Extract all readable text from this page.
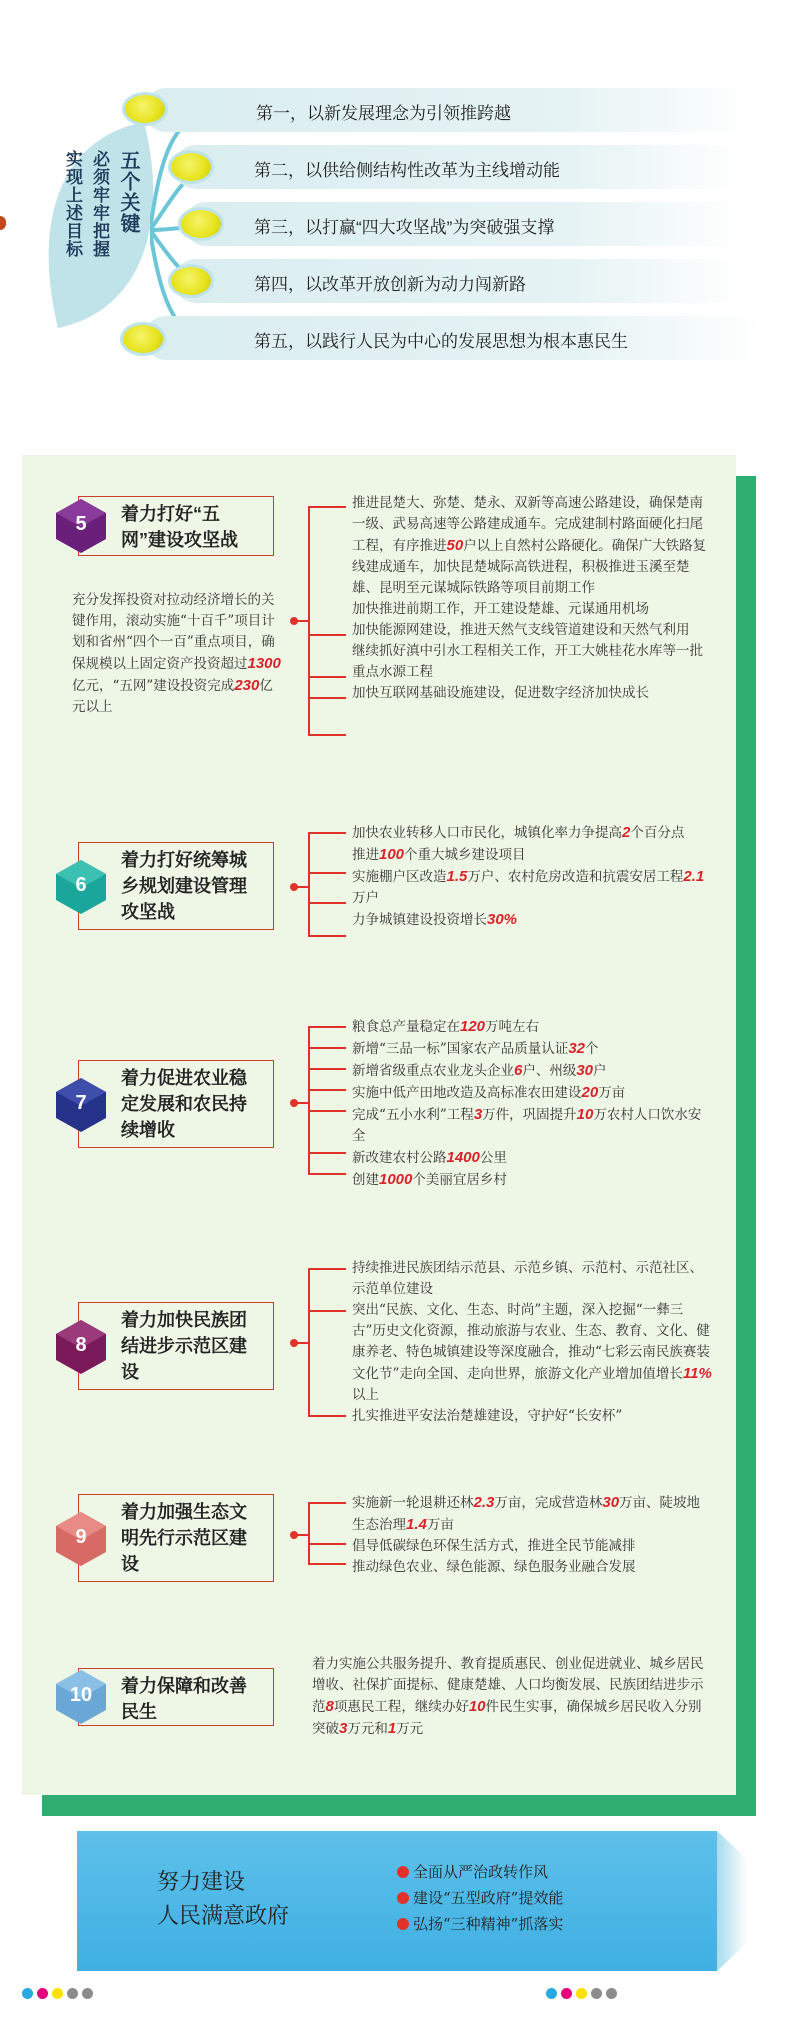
五个关键
必须牢牢把握
实现上述目标
第一，以新发展理念为引领推跨越
第二，以供给侧结构性改革为主线增动能
第三，以打赢“四大攻坚战”为突破强支撑
第四，以改革开放创新为动力闯新路
第五，以践行人民为中心的发展思想为根本惠民生
着力打好“五网”建设攻坚战
5
充分发挥投资对拉动经济增长的关键作用，滚动实施“十百千”项目计划和省州“四个一百”重点项目，确保规模以上固定资产投资超过1300亿元，“五网”建设投资完成230亿元以上

推进昆楚大、弥楚、楚永、双新等高速公路建设，确保楚南一级、武易高速等公路建成通车。完成建制村路面硬化扫尾工程，有序推进50户以上自然村公路硬化。确保广大铁路复线建成通车，加快昆楚城际高铁进程，积极推进玉溪至楚雄、昆明至元谋城际铁路等项目前期工作

加快推进前期工作，开工建设楚雄、元谋通用机场

加快能源网建设，推进天然气支线管道建设和天然气利用

继续抓好滇中引水工程相关工作，开工大姚桂花水库等一批重点水源工程

加快互联网基础设施建设，促进数字经济加快成长

着力打好统筹城乡规划建设管理攻坚战
6

加快农业转移人口市民化，城镇化率力争提高2个百分点

推进100个重大城乡建设项目

实施棚户区改造1.5万户、农村危房改造和抗震安居工程2.1万户

力争城镇建设投资增长30%

着力促进农业稳定发展和农民持续增收
7

粮食总产量稳定在120万吨左右

新增“三品一标”国家农产品质量认证32个

新增省级重点农业龙头企业6户、州级30户

实施中低产田地改造及高标准农田建设20万亩

完成“五小水利”工程3万件，巩固提升10万农村人口饮水安全

新改建农村公路1400公里

创建1000个美丽宜居乡村

着力加快民族团结进步示范区建设
8

持续推进民族团结示范县、示范乡镇、示范村、示范社区、示范单位建设

突出“民族、文化、生态、时尚”主题，深入挖掘“一彝三古”历史文化资源，推动旅游与农业、生态、教育、文化、健康养老、特色城镇建设等深度融合，推动“七彩云南民族赛装文化节”走向全国、走向世界，旅游文化产业增加值增长11%以上

扎实推进平安法治楚雄建设，守护好“长安杯”

着力加强生态文明先行示范区建设
9

实施新一轮退耕还林2.3万亩，完成营造林30万亩、陡坡地生态治理1.4万亩

倡导低碳绿色环保生活方式，推进全民节能减排

推动绿色农业、绿色能源、绿色服务业融合发展

着力保障和改善民生
10

着力实施公共服务提升、教育提质惠民、创业促进就业、城乡居民增收、社保扩面提标、健康楚雄、人口均衡发展、民族团结进步示范8项惠民工程，继续办好10件民生实事，确保城乡居民收入分别突破3万元和1万元

努力建设
人民满意政府
全面从严治政转作风
建设“五型政府”提效能
弘扬“三种精神”抓落实
